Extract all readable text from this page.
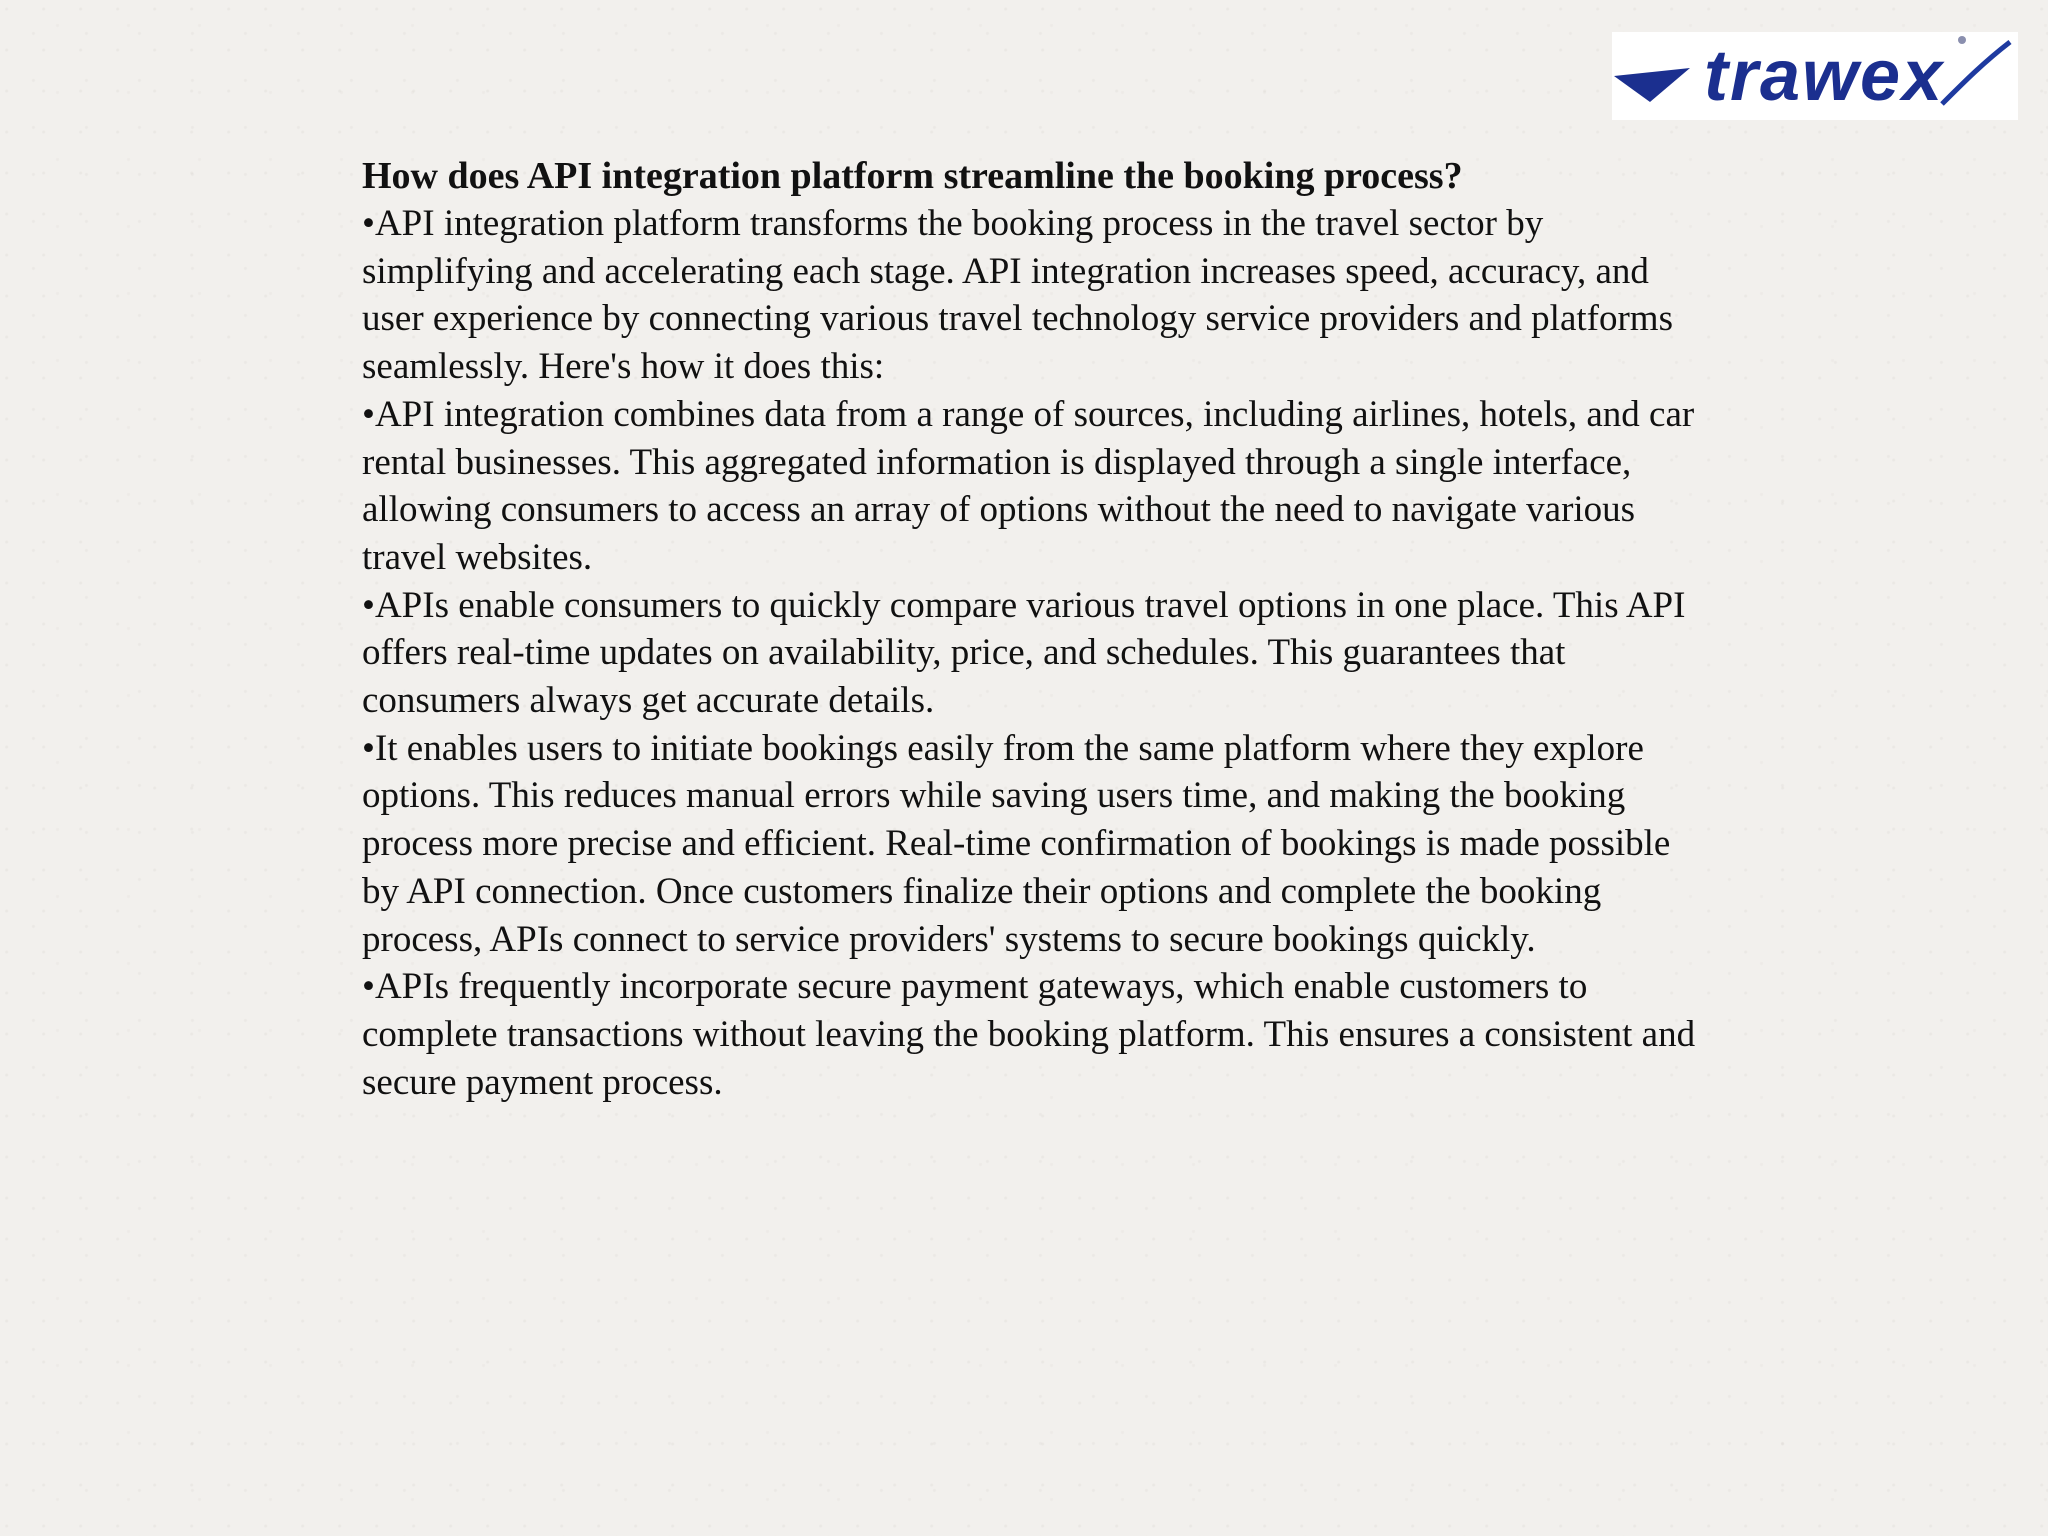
trawex

How does API integration platform streamline the booking process?

•API integration platform transforms the booking process in the travel sector by simplifying and accelerating each stage. API integration increases speed, accuracy, and user experience by connecting various travel technology service providers and platforms seamlessly. Here's how it does this:

•API integration combines data from a range of sources, including airlines, hotels, and car rental businesses. This aggregated information is displayed through a single interface, allowing consumers to access an array of options without the need to navigate various travel websites.

•APIs enable consumers to quickly compare various travel options in one place. This API offers real-time updates on availability, price, and schedules. This guarantees that consumers always get accurate details.

•It enables users to initiate bookings easily from the same platform where they explore options. This reduces manual errors while saving users time, and making the booking process more precise and efficient. Real-time confirmation of bookings is made possible by API connection. Once customers finalize their options and complete the booking process, APIs connect to service providers' systems to secure bookings quickly.

•APIs frequently incorporate secure payment gateways, which enable customers to complete transactions without leaving the booking platform. This ensures a consistent and secure payment process.
